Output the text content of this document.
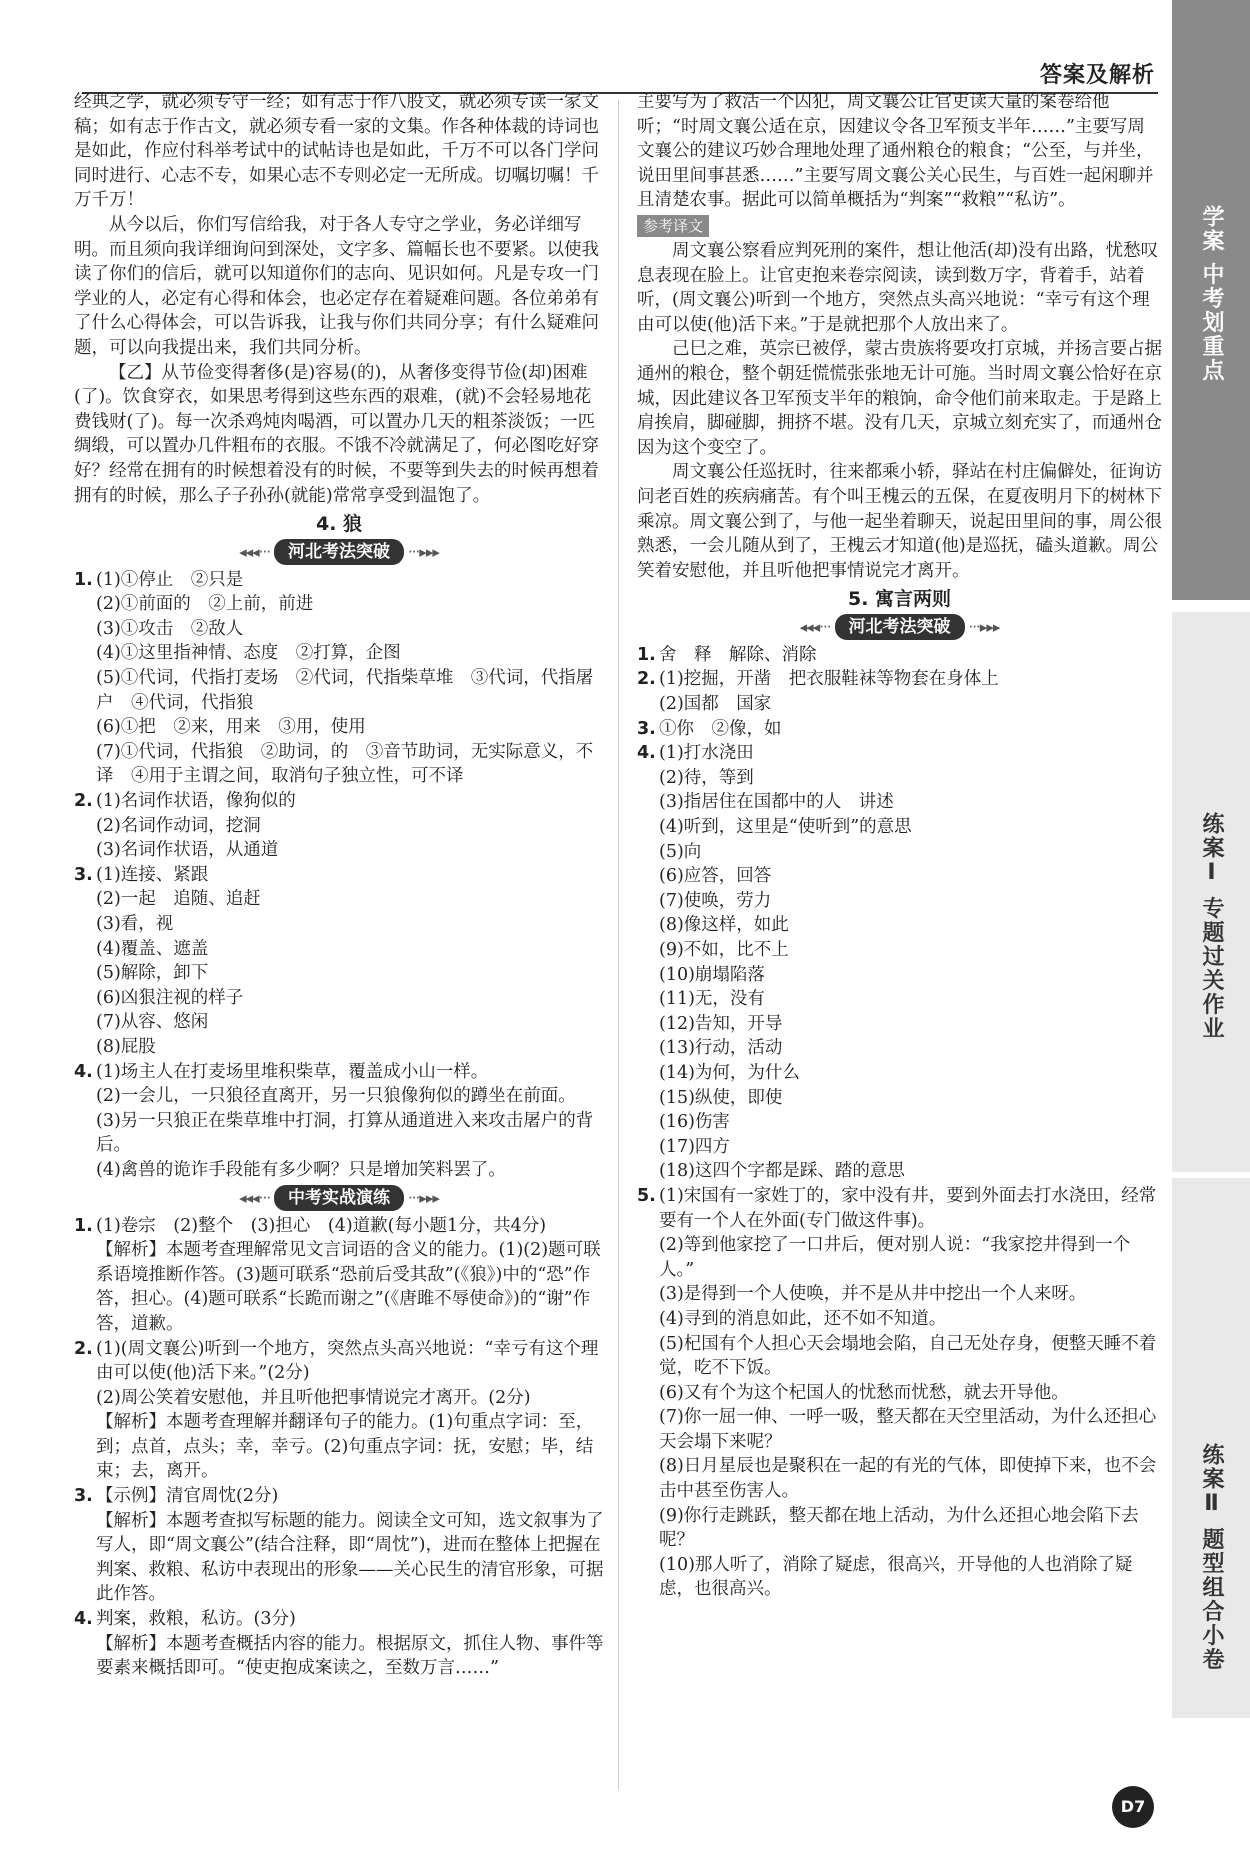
答案及解析
学案 中考划重点
练案Ⅰ 专题过关作业
练案Ⅱ 题型组合小卷

经典之学，就必须专守一经；如有志于作八股文，就必须专读一家文稿；如有志于作古文，就必须专看一家的文集。作各种体裁的诗词也是如此，作应付科举考试中的试帖诗也是如此，千万不可以各门学问同时进行、心志不专，如果心志不专则必定一无所成。切嘱切嘱！千万千万！

从今以后，你们写信给我，对于各人专守之学业，务必详细写明。而且须向我详细询问到深处，文字多、篇幅长也不要紧。以使我读了你们的信后，就可以知道你们的志向、见识如何。凡是专攻一门学业的人，必定有心得和体会，也必定存在着疑难问题。各位弟弟有了什么心得体会，可以告诉我，让我与你们共同分享；有什么疑难问题，可以向我提出来，我们共同分析。

【乙】从节俭变得奢侈(是)容易(的)，从奢侈变得节俭(却)困难(了)。饮食穿衣，如果思考得到这些东西的艰难，(就)不会轻易地花费钱财(了)。每一次杀鸡炖肉喝酒，可以置办几天的粗茶淡饭；一匹绸缎，可以置办几件粗布的衣服。不饿不冷就满足了，何必图吃好穿好？经常在拥有的时候想着没有的时候，不要等到失去的时候再想着拥有的时候，那么子子孙孙(就能)常常享受到温饱了。

4. 狼
◂◂◂··· 河北考法突破 ···▸▸▸
1. (1)①停止　②只是
(2)①前面的　②上前，前进
(3)①攻击　②敌人
(4)①这里指神情、态度　②打算，企图
(5)①代词，代指打麦场　②代词，代指柴草堆　③代词，代指屠户　④代词，代指狼
(6)①把　②来，用来　③用，使用
(7)①代词，代指狼　②助词，的　③音节助词，无实际意义，不译　④用于主谓之间，取消句子独立性，可不译
2. (1)名词作状语，像狗似的
(2)名词作动词，挖洞
(3)名词作状语，从通道
3. (1)连接、紧跟
(2)一起　追随、追赶
(3)看，视
(4)覆盖、遮盖
(5)解除，卸下
(6)凶狠注视的样子
(7)从容、悠闲
(8)屁股
4. (1)场主人在打麦场里堆积柴草，覆盖成小山一样。
(2)一会儿，一只狼径直离开，另一只狼像狗似的蹲坐在前面。
(3)另一只狼正在柴草堆中打洞，打算从通道进入来攻击屠户的背后。
(4)禽兽的诡诈手段能有多少啊？只是增加笑料罢了。
◂◂◂··· 中考实战演练 ···▸▸▸
1. (1)卷宗　(2)整个　(3)担心　(4)道歉(每小题1分，共4分)
【解析】本题考查理解常见文言词语的含义的能力。(1)(2)题可联系语境推断作答。(3)题可联系“恐前后受其敌”(《狼》)中的“恐”作答，担心。(4)题可联系“长跪而谢之”(《唐雎不辱使命》)的“谢”作答，道歉。
2. (1)(周文襄公)听到一个地方，突然点头高兴地说：“幸亏有这个理由可以使(他)活下来。”(2分)
(2)周公笑着安慰他，并且听他把事情说完才离开。(2分)
【解析】本题考查理解并翻译句子的能力。(1)句重点字词：至，到；点首，点头；幸，幸亏。(2)句重点字词：抚，安慰；毕，结束；去，离开。
3. 【示例】清官周忱(2分)
【解析】本题考查拟写标题的能力。阅读全文可知，选文叙事为了写人，即“周文襄公”(结合注释，即“周忱”)，进而在整体上把握在判案、救粮、私访中表现出的形象——关心民生的清官形象，可据此作答。
4. 判案，救粮，私访。(3分)
【解析】本题考查概括内容的能力。根据原文，抓住人物、事件等要素来概括即可。“使吏抱成案读之，至数万言……”

主要写为了救活一个囚犯，周文襄公让官吏读大量的案卷给他听；“时周文襄公适在京，因建议令各卫军预支半年……”主要写周文襄公的建议巧妙合理地处理了通州粮仓的粮食；“公至，与并坐，说田里间事甚悉……”主要写周文襄公关心民生，与百姓一起闲聊并且清楚农事。据此可以简单概括为“判案”“救粮”“私访”。

参考译文

周文襄公察看应判死刑的案件，想让他活(却)没有出路，忧愁叹息表现在脸上。让官吏抱来卷宗阅读，读到数万字，背着手，站着听，(周文襄公)听到一个地方，突然点头高兴地说：“幸亏有这个理由可以使(他)活下来。”于是就把那个人放出来了。

己巳之难，英宗已被俘，蒙古贵族将要攻打京城，并扬言要占据通州的粮仓，整个朝廷慌慌张张地无计可施。当时周文襄公恰好在京城，因此建议各卫军预支半年的粮饷，命令他们前来取走。于是路上肩挨肩，脚碰脚，拥挤不堪。没有几天，京城立刻充实了，而通州仓因为这个变空了。

周文襄公任巡抚时，往来都乘小轿，驿站在村庄偏僻处，征询访问老百姓的疾病痛苦。有个叫王槐云的五保，在夏夜明月下的树林下乘凉。周文襄公到了，与他一起坐着聊天，说起田里间的事，周公很熟悉，一会儿随从到了，王槐云才知道(他)是巡抚，磕头道歉。周公笑着安慰他，并且听他把事情说完才离开。

5. 寓言两则
◂◂◂··· 河北考法突破 ···▸▸▸
1. 舍　释　解除、消除
2. (1)挖掘，开凿　把衣服鞋袜等物套在身体上
(2)国都　国家
3. ①你　②像，如
4. (1)打水浇田
(2)待，等到
(3)指居住在国都中的人　讲述
(4)听到，这里是“使听到”的意思
(5)向
(6)应答，回答
(7)使唤，劳力
(8)像这样，如此
(9)不如，比不上
(10)崩塌陷落
(11)无，没有
(12)告知，开导
(13)行动，活动
(14)为何，为什么
(15)纵使，即使
(16)伤害
(17)四方
(18)这四个字都是踩、踏的意思
5. (1)宋国有一家姓丁的，家中没有井，要到外面去打水浇田，经常要有一个人在外面(专门做这件事)。
(2)等到他家挖了一口井后，便对别人说：“我家挖井得到一个人。”
(3)是得到一个人使唤，并不是从井中挖出一个人来呀。
(4)寻到的消息如此，还不如不知道。
(5)杞国有个人担心天会塌地会陷，自己无处存身，便整天睡不着觉，吃不下饭。
(6)又有个为这个杞国人的忧愁而忧愁，就去开导他。
(7)你一屈一伸、一呼一吸，整天都在天空里活动，为什么还担心天会塌下来呢？
(8)日月星辰也是聚积在一起的有光的气体，即使掉下来，也不会击中甚至伤害人。
(9)你行走跳跃，整天都在地上活动，为什么还担心地会陷下去呢？
(10)那人听了，消除了疑虑，很高兴，开导他的人也消除了疑虑，也很高兴。
D7
